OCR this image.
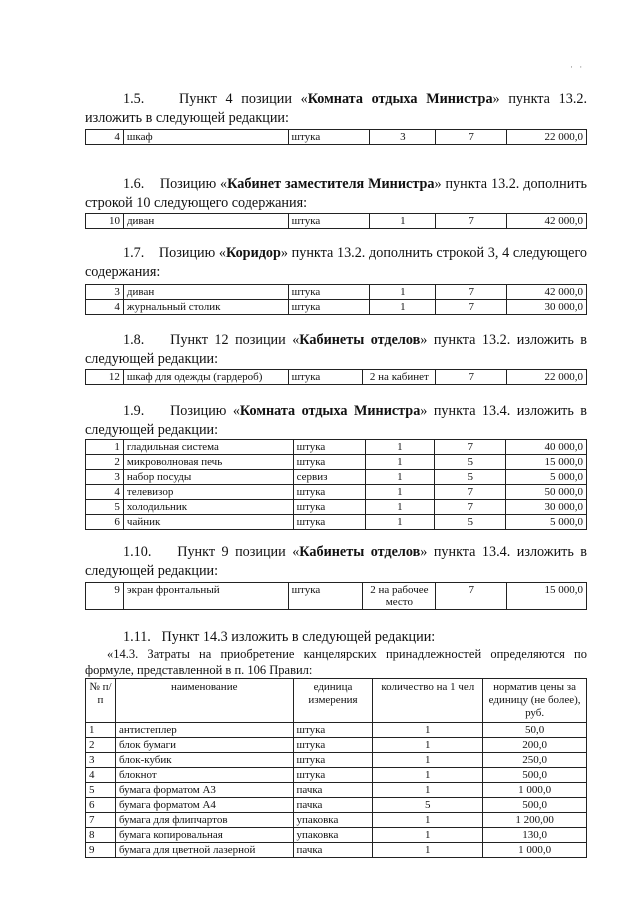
· ·
1.5. Пункт 4 позиции «Комната отдыха Министра» пункта 13.2. изложить в следующей редакции:
4	шкаф	штука	3	7	22 000,0
1.6. Позицию «Кабинет заместителя Министра» пункта 13.2. дополнить строкой 10 следующего содержания:
10	диван	штука	1	7	42 000,0
1.7. Позицию «Коридор» пункта 13.2. дополнить строкой 3, 4 следующего содержания:
3	диван	штука	1	7	42 000,0
4	журнальный столик	штука	1	7	30 000,0
1.8. Пункт 12 позиции «Кабинеты отделов» пункта 13.2. изложить в следующей редакции:
12	шкаф для одежды (гардероб)	штука	2 на кабинет	7	22 000,0
1.9. Позицию «Комната отдыха Министра» пункта 13.4. изложить в следующей редакции:
1	гладильная система	штука	1	7	40 000,0
2	микроволновая печь	штука	1	5	15 000,0
3	набор посуды	сервиз	1	5	5 000,0
4	телевизор	штука	1	7	50 000,0
5	холодильник	штука	1	7	30 000,0
6	чайник	штука	1	5	5 000,0
1.10. Пункт 9 позиции «Кабинеты отделов» пункта 13.4. изложить в следующей редакции:
9	экран фронтальный	штука	2 на рабочее место	7	15 000,0
1.11. Пункт 14.3 изложить в следующей редакции:
«14.3. Затраты на приобретение канцелярских принадлежностей определяются по формуле, представленной в п. 106 Правил:
№ п/п	наименование	единица измерения	количество на 1 чел	норматив цены за единицу (не более), руб.
1	антистеплер	штука	1	50,0
2	блок бумаги	штука	1	200,0
3	блок-кубик	штука	1	250,0
4	блокнот	штука	1	500,0
5	бумага форматом А3	пачка	1	1 000,0
6	бумага форматом А4	пачка	5	500,0
7	бумага для флипчартов	упаковка	1	1 200,00
8	бумага копировальная	упаковка	1	130,0
9	бумага для цветной лазерной	пачка	1	1 000,0
